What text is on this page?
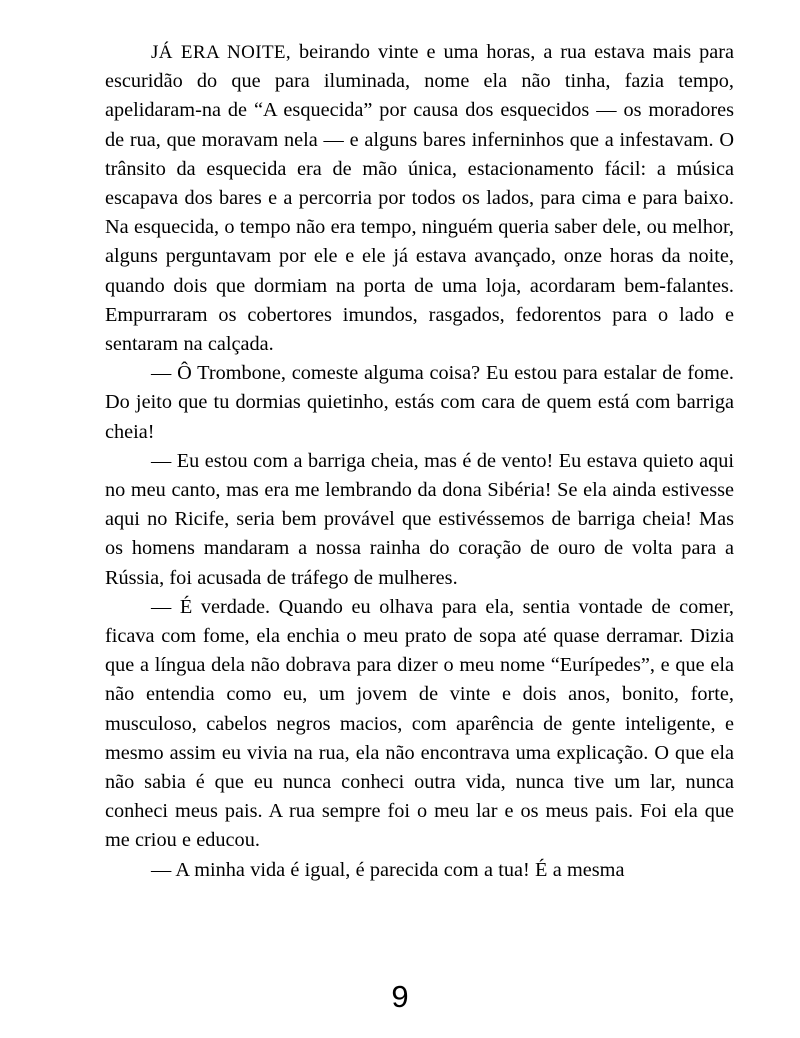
JÁ ERA NOITE, beirando vinte e uma horas, a rua estava mais para escuridão do que para iluminada, nome ela não tinha, fazia tempo, apelidaram-na de “A esquecida” por causa dos esquecidos — os moradores de rua, que moravam nela — e alguns bares inferninhos que a infestavam. O trânsito da esquecida era de mão única, estacionamento fácil: a música escapava dos bares e a percorria por todos os lados, para cima e para baixo. Na esquecida, o tempo não era tempo, ninguém queria saber dele, ou melhor, alguns perguntavam por ele e ele já estava avançado, onze horas da noite, quando dois que dormiam na porta de uma loja, acordaram bem-falantes. Empurraram os cobertores imundos, rasgados, fedorentos para o lado e sentaram na calçada.

— Ô Trombone, comeste alguma coisa? Eu estou para estalar de fome. Do jeito que tu dormias quietinho, estás com cara de quem está com barriga cheia!

— Eu estou com a barriga cheia, mas é de vento! Eu estava quieto aqui no meu canto, mas era me lembrando da dona Sibéria! Se ela ainda estivesse aqui no Ricife, seria bem provável que estivéssemos de barriga cheia! Mas os homens mandaram a nossa rainha do coração de ouro de volta para a Rússia, foi acusada de tráfego de mulheres.

— É verdade. Quando eu olhava para ela, sentia vontade de comer, ficava com fome, ela enchia o meu prato de sopa até quase derramar. Dizia que a língua dela não dobrava para dizer o meu nome “Eurípedes”, e que ela não entendia como eu, um jovem de vinte e dois anos, bonito, forte, musculoso, cabelos negros macios, com aparência de gente inteligente, e mesmo assim eu vivia na rua, ela não encontrava uma explicação. O que ela não sabia é que eu nunca conheci outra vida, nunca tive um lar, nunca conheci meus pais. A rua sempre foi o meu lar e os meus pais. Foi ela que me criou e educou.

— A minha vida é igual, é parecida com a tua! É a mesma

9
